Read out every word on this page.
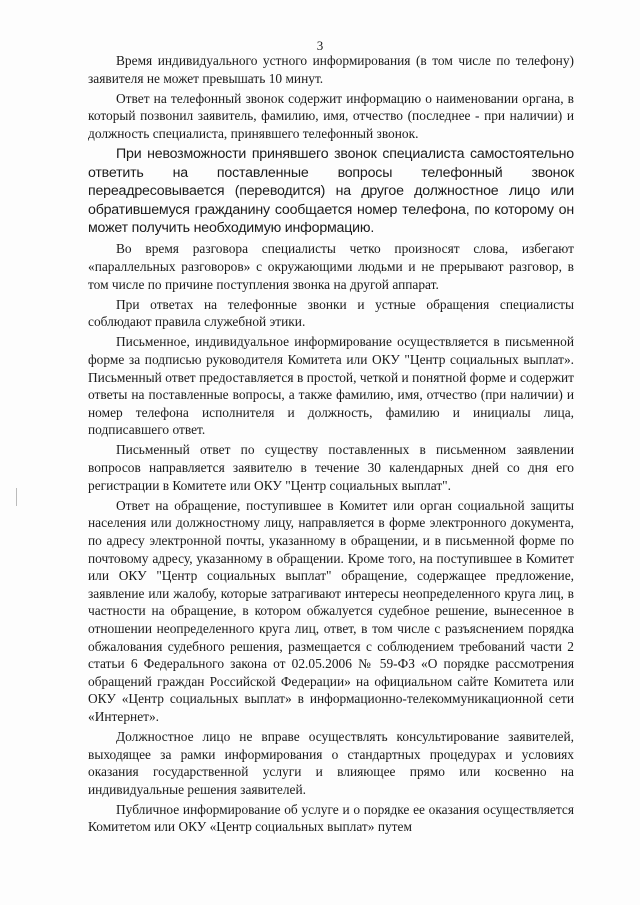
3

Время индивидуального устного информирования (в том числе по телефону) заявителя не может превышать 10 минут.

Ответ на телефонный звонок содержит информацию о наименовании органа, в который позвонил заявитель, фамилию, имя, отчество (последнее - при наличии) и должность специалиста, принявшего телефонный звонок.

При невозможности принявшего звонок специалиста самостоятельно ответить на поставленные вопросы телефонный звонок переадресовывается (переводится) на другое должностное лицо или обратившемуся гражданину сообщается номер телефона, по которому он может получить необходимую информацию.

Во время разговора специалисты четко произносят слова, избегают «параллельных разговоров» с окружающими людьми и не прерывают разговор, в том числе по причине поступления звонка на другой аппарат.

При ответах на телефонные звонки и устные обращения специалисты соблюдают правила служебной этики.

Письменное, индивидуальное информирование осуществляется в письменной форме за подписью руководителя Комитета или ОКУ "Центр социальных выплат». Письменный ответ предоставляется в простой, четкой и понятной форме и содержит ответы на поставленные вопросы, а также фамилию, имя, отчество (при наличии) и номер телефона исполнителя и должность, фамилию и инициалы лица, подписавшего ответ.

Письменный ответ по существу поставленных в письменном заявлении вопросов направляется заявителю в течение 30 календарных дней со дня его регистрации в Комитете или ОКУ "Центр социальных выплат".

Ответ на обращение, поступившее в Комитет или орган социальной защиты населения или должностному лицу, направляется в форме электронного документа, по адресу электронной почты, указанному в обращении, и в письменной форме по почтовому адресу, указанному в обращении. Кроме того, на поступившее в Комитет или ОКУ "Центр социальных выплат" обращение, содержащее предложение, заявление или жалобу, которые затрагивают интересы неопределенного круга лиц, в частности на обращение, в котором обжалуется судебное решение, вынесенное в отношении неопределенного круга лиц, ответ, в том числе с разъяснением порядка обжалования судебного решения, размещается с соблюдением требований части 2 статьи 6 Федерального закона от 02.05.2006 № 59-ФЗ «О порядке рассмотрения обращений граждан Российской Федерации» на официальном сайте Комитета или ОКУ «Центр социальных выплат» в информационно-телекоммуникационной сети «Интернет».

Должностное лицо не вправе осуществлять консультирование заявителей, выходящее за рамки информирования о стандартных процедурах и условиях оказания государственной услуги и влияющее прямо или косвенно на индивидуальные решения заявителей.

Публичное информирование об услуге и о порядке ее оказания осуществляется Комитетом или ОКУ «Центр социальных выплат» путем
